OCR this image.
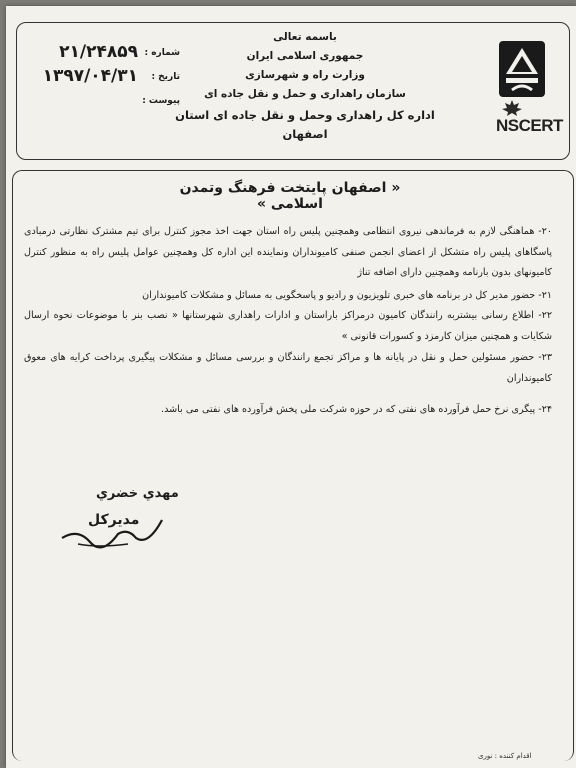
NSCERT
باسمه تعالی
جمهوری اسلامی ایران
وزارت راه و شهرسازی
سازمان راهداری و حمل و نقل جاده ای
اداره کل راهداری وحمل و نقل جاده ای استان اصفهان
شماره :
۲۱/۲۴۸۵۹
تاریخ :
۱۳۹۷/۰۴/۳۱
پیوست :
« اصفهان پایتخت فرهنگ وتمدن اسلامی »
۲۰- هماهنگی لازم به فرماندهی نیروی انتظامی وهمچنین پلیس راه استان جهت اخذ مجوز کنترل برای تیم مشترک نظارتی درمبادی پاسگاهای پلیس راه متشکل از اعضای انجمن صنفی کامیونداران ونماینده این اداره کل وهمچنین عوامل پلیس راه به منظور کنترل کامیونهای بدون بارنامه وهمچنین دارای اضافه تناژ
۲۱- حضور مدیر کل در برنامه های خبری تلویزیون و رادیو و پاسخگویی به مسائل و مشکلات کامیونداران
۲۲- اطلاع رسانی بیشتربه رانندگان کامیون درمراکز باراستان و ادارات راهداری شهرستانها « نصب بنر با موضوعات نحوه ارسال شکایات و همچنین میزان کارمزد و کسورات قانونی »
۲۳- حضور مسئولین حمل و نقل در پایانه ها و مراکز تجمع رانندگان و بررسی مسائل و مشکلات پیگیری پرداخت کرایه های معوق کامیونداران
۲۴- پیگری نرخ حمل فرآورده های نفتی که در حوزه شرکت ملی پخش فرآورده های نفتی می باشد.
مهدي خضري
مدیرکل
اقدام کننده : نوری
